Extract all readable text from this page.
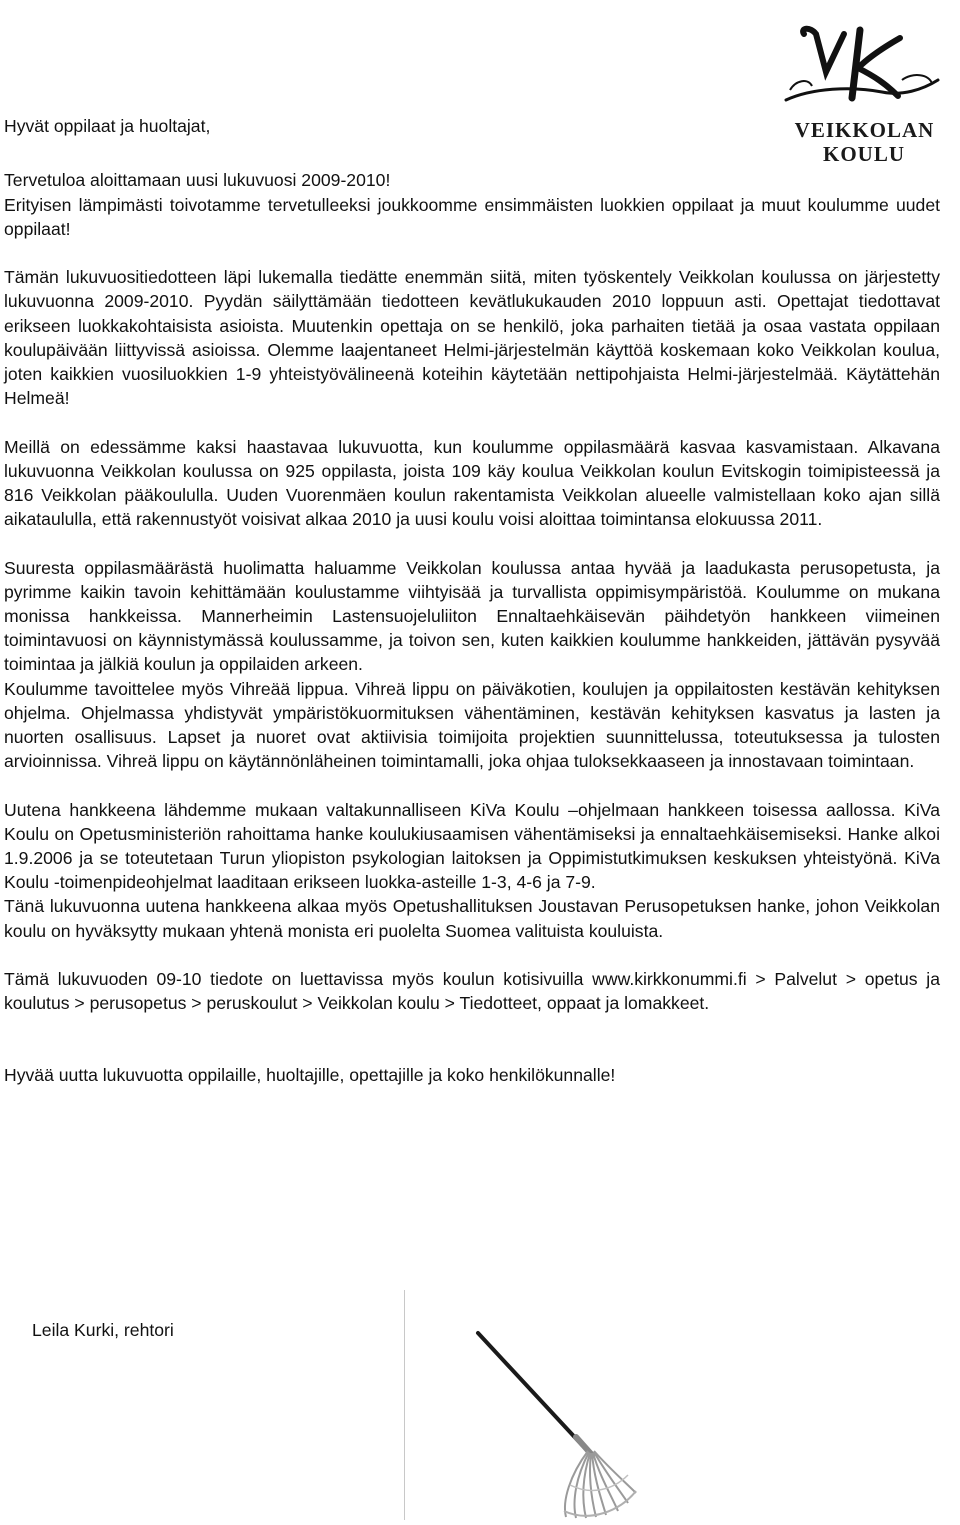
VEIKKOLAN
KOULU

Hyvät oppilaat ja huoltajat,

Tervetuloa aloittamaan uusi lukuvuosi 2009-2010!

Erityisen lämpimästi toivotamme tervetulleeksi joukkoomme ensimmäisten luokkien oppilaat ja muut koulumme uudet oppilaat!

Tämän lukuvuositiedotteen läpi lukemalla tiedätte enemmän siitä, miten työskentely Veikkolan koulussa on järjestetty lukuvuonna 2009-2010. Pyydän säilyttämään tiedotteen kevätlukukauden 2010 loppuun asti. Opettajat tiedottavat erikseen luokkakohtaisista asioista. Muutenkin opettaja on se henkilö, joka parhaiten tietää ja osaa vastata oppilaan koulupäivään liittyvissä asioissa. Olemme laajentaneet Helmi-järjestelmän käyttöä koskemaan koko Veikkolan koulua, joten kaikkien vuosiluokkien 1-9 yhteistyövälineenä koteihin käytetään nettipohjaista Helmi-järjestelmää. Käytättehän Helmeä!

Meillä on edessämme kaksi haastavaa lukuvuotta, kun koulumme oppilasmäärä kasvaa kasvamistaan. Alkavana lukuvuonna Veikkolan koulussa on 925 oppilasta, joista 109 käy koulua Veikkolan koulun Evitskogin toimipisteessä ja 816 Veikkolan pääkoululla. Uuden Vuorenmäen koulun rakentamista Veikkolan alueelle valmistellaan koko ajan sillä aikataululla, että rakennustyöt voisivat alkaa 2010 ja uusi koulu voisi aloittaa toimintansa elokuussa 2011.

Suuresta oppilasmäärästä huolimatta haluamme Veikkolan koulussa antaa hyvää ja laadukasta perusopetusta, ja pyrimme kaikin tavoin kehittämään koulustamme viihtyisää ja turvallista oppimisympäristöä. Koulumme on mukana monissa hankkeissa. Mannerheimin Lastensuojeluliiton Ennaltaehkäisevän päihdetyön hankkeen viimeinen toimintavuosi on käynnistymässä koulussamme, ja toivon sen, kuten kaikkien koulumme hankkeiden, jättävän pysyvää toimintaa ja jälkiä koulun ja oppilaiden arkeen.

Koulumme tavoittelee myös Vihreää lippua. Vihreä lippu on päiväkotien, koulujen ja oppilaitosten kestävän kehityksen ohjelma. Ohjelmassa yhdistyvät ympäristökuormituksen vähentäminen, kestävän kehityksen kasvatus ja lasten ja nuorten osallisuus. Lapset ja nuoret ovat aktiivisia toimijoita projektien suunnittelussa, toteutuksessa ja tulosten arvioinnissa. Vihreä lippu on käytännönläheinen toimintamalli, joka ohjaa tuloksekkaaseen ja innostavaan toimintaan.

Uutena hankkeena lähdemme mukaan valtakunnalliseen KiVa Koulu –ohjelmaan hankkeen toisessa aallossa. KiVa Koulu on Opetusministeriön rahoittama hanke koulukiusaamisen vähentämiseksi ja ennaltaehkäisemiseksi. Hanke alkoi 1.9.2006 ja se toteutetaan Turun yliopiston psykologian laitoksen ja Oppimistutkimuksen keskuksen yhteistyönä. KiVa Koulu -toimenpideohjelmat laaditaan erikseen luokka-asteille 1-3, 4-6 ja 7-9.

Tänä lukuvuonna uutena hankkeena alkaa myös Opetushallituksen Joustavan Perusopetuksen hanke, johon Veikkolan koulu on hyväksytty mukaan yhtenä monista eri puolelta Suomea valituista kouluista.

Tämä lukuvuoden 09-10 tiedote on luettavissa myös koulun kotisivuilla www.kirkkonummi.fi > Palvelut > opetus ja koulutus > perusopetus > peruskoulut > Veikkolan koulu > Tiedotteet, oppaat ja lomakkeet.

Hyvää uutta lukuvuotta oppilaille, huoltajille, opettajille ja koko henkilökunnalle!

Leila Kurki, rehtori
